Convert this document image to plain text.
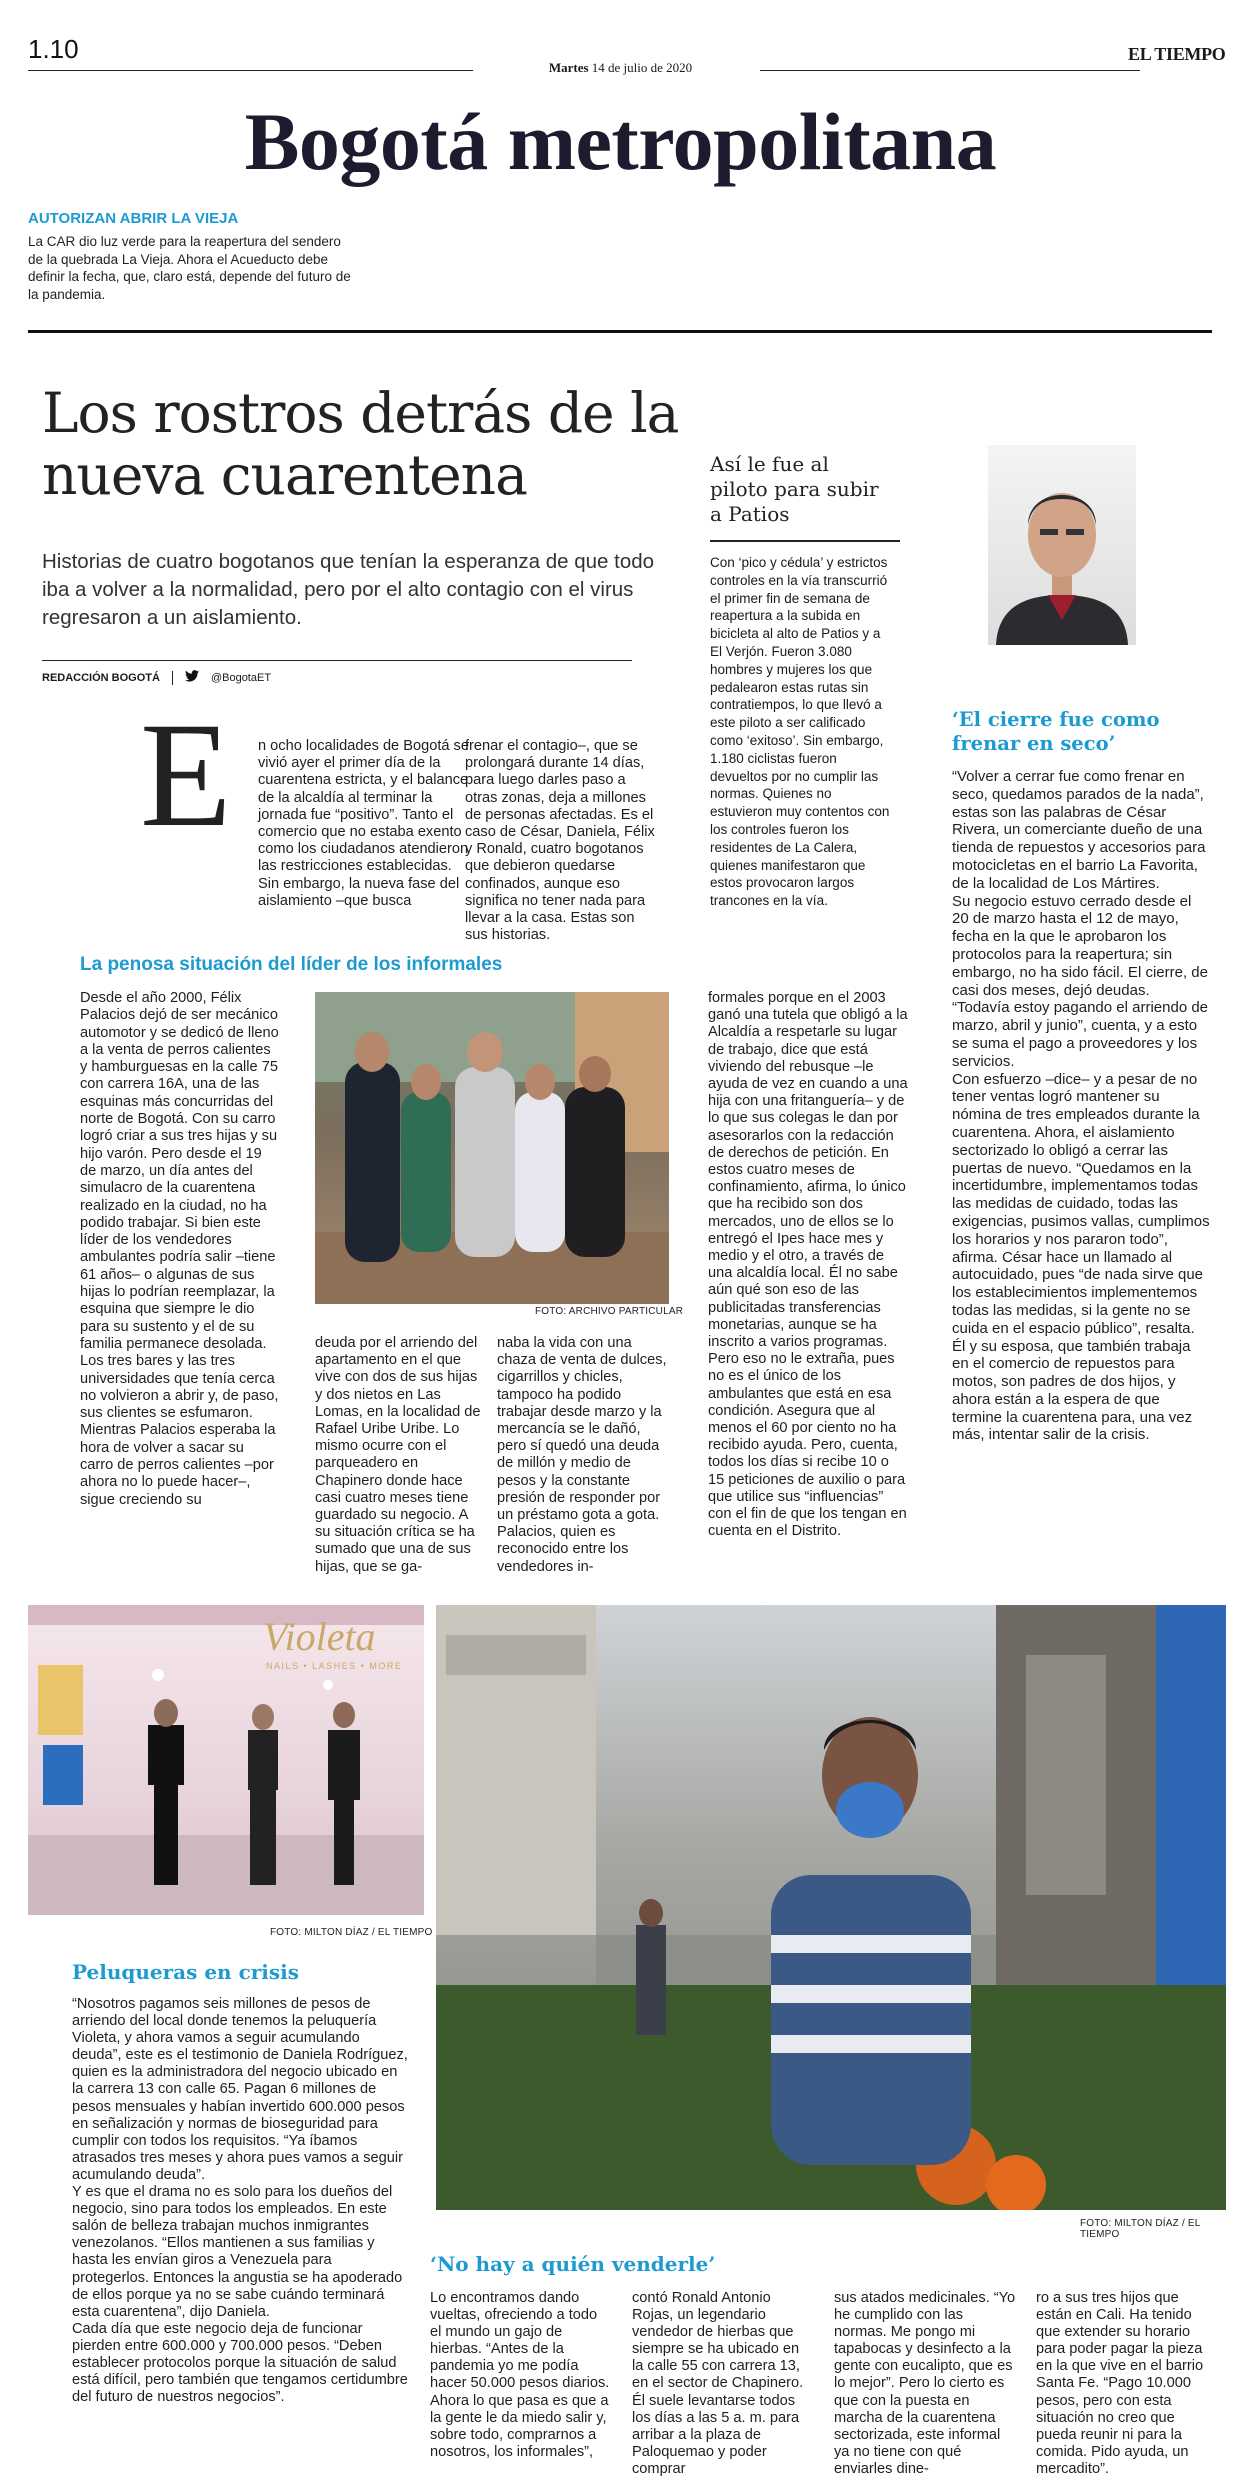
1.10
Martes 14 de julio de 2020
EL TIEMPO
Bogotá metropolitana
AUTORIZAN ABRIR LA VIEJA
La CAR dio luz verde para la reapertura del sendero de la quebrada La Vieja. Ahora el Acueducto debe definir la fecha, que, claro está, depende del futuro de la pandemia.
Los rostros detrás de la nueva cuarentena
Historias de cuatro bogotanos que tenían la esperanza de que todo iba a volver a la normalidad, pero por el alto contagio con el virus regresaron a un aislamiento.
REDACCIÓN BOGOTÁ	@BogotaET
Así le fue al piloto para subir a Patios
Con ‘pico y cédula’ y estrictos controles en la vía transcurrió el primer fin de semana de reapertura a la subida en bicicleta al alto de Patios y a El Verjón. Fueron 3.080 hombres y mujeres los que pedalearon estas rutas sin contratiempos, lo que llevó a este piloto a ser calificado como ‘exitoso’. Sin embargo, 1.180 ciclistas fueron devueltos por no cumplir las normas. Quienes no estuvieron muy contentos con los controles fueron los residentes de La Calera, quienes manifestaron que estos provocaron largos trancones en la vía.
‘El cierre fue como frenar en seco’
“Volver a cerrar fue como frenar en seco, quedamos parados de la nada”, estas son las palabras de César Rivera, un comerciante dueño de una tienda de repuestos y accesorios para motocicletas en el barrio La Favorita, de la localidad de Los Mártires.
Su negocio estuvo cerrado desde el 20 de marzo hasta el 12 de mayo, fecha en la que le aprobaron los protocolos para la reapertura; sin embargo, no ha sido fácil. El cierre, de casi dos meses, dejó deudas. “Todavía estoy pagando el arriendo de marzo, abril y junio”, cuenta, y a esto se suma el pago a proveedores y los servicios.
Con esfuerzo –dice– y a pesar de no tener ventas logró mantener su nómina de tres empleados durante la cuarentena. Ahora, el aislamiento sectorizado lo obligó a cerrar las puertas de nuevo. “Quedamos en la incertidumbre, implementamos todas las medidas de cuidado, todas las exigencias, pusimos vallas, cumplimos los horarios y nos pararon todo”, afirma. César hace un llamado al autocuidado, pues “de nada sirve que los establecimientos implementemos todas las medidas, si la gente no se cuida en el espacio público”, resalta. Él y su esposa, que también trabaja en el comercio de repuestos para motos, son padres de dos hijos, y ahora están a la espera de que termine la cuarentena para, una vez más, intentar salir de la crisis.
E n ocho localidades de Bogotá se vivió ayer el primer día de la cuarentena estricta, y el balance de la alcaldía al terminar la jornada fue “positivo”. Tanto el comercio que no estaba exento como los ciudadanos atendieron las restricciones establecidas.
Sin embargo, la nueva fase del aislamiento –que busca
frenar el contagio–, que se prolongará durante 14 días, para luego darles paso a otras zonas, deja a millones de personas afectadas. Es el caso de César, Daniela, Félix y Ronald, cuatro bogotanos que debieron quedarse confinados, aunque eso significa no tener nada para llevar a la casa. Estas son sus historias.
La penosa situación del líder de los informales
Desde el año 2000, Félix Palacios dejó de ser mecánico automotor y se dedicó de lleno a la venta de perros calientes y hamburguesas en la calle 75 con carrera 16A, una de las esquinas más concurridas del norte de Bogotá. Con su carro logró criar a sus tres hijas y su hijo varón. Pero desde el 19 de marzo, un día antes del simulacro de la cuarentena realizado en la ciudad, no ha podido trabajar. Si bien este líder de los vendedores ambulantes podría salir –tiene 61 años– o algunas de sus hijas lo podrían reemplazar, la esquina que siempre le dio para su sustento y el de su familia permanece desolada. Los tres bares y las tres universidades que tenía cerca no volvieron a abrir y, de paso, sus clientes se esfumaron.
Mientras Palacios esperaba la hora de volver a sacar su carro de perros calientes –por ahora no lo puede hacer–, sigue creciendo su
FOTO: ARCHIVO PARTICULAR
deuda por el arriendo del apartamento en el que vive con dos de sus hijas y dos nietos en Las Lomas, en la localidad de Rafael Uribe Uribe. Lo mismo ocurre con el parqueadero en Chapinero donde hace casi cuatro meses tiene guardado su negocio. A su situación crítica se ha sumado que una de sus hijas, que se ga-
naba la vida con una chaza de venta de dulces, cigarrillos y chicles, tampoco ha podido trabajar desde marzo y la mercancía se le dañó, pero sí quedó una deuda de millón y medio de pesos y la constante presión de responder por un préstamo gota a gota.
Palacios, quien es reconocido entre los vendedores in-
formales porque en el 2003 ganó una tutela que obligó a la Alcaldía a respetarle su lugar de trabajo, dice que está viviendo del rebusque –le ayuda de vez en cuando a una hija con una fritanguería– y de lo que sus colegas le dan por asesorarlos con la redacción de derechos de petición. En estos cuatro meses de confinamiento, afirma, lo único que ha recibido son dos mercados, uno de ellos se lo entregó el Ipes hace mes y medio y el otro, a través de una alcaldía local. Él no sabe aún qué son eso de las publicitadas transferencias monetarias, aunque se ha inscrito a varios programas. Pero eso no le extraña, pues no es el único de los ambulantes que está en esa condición. Asegura que al menos el 60 por ciento no ha recibido ayuda. Pero, cuenta, todos los días si recibe 10 o 15 peticiones de auxilio o para que utilice sus “influencias” con el fin de que los tengan en cuenta en el Distrito.
Violeta
NAILS • LASHES • MORE
FOTO: MILTON DÍAZ / EL TIEMPO
Peluqueras en crisis
“Nosotros pagamos seis millones de pesos de arriendo del local donde tenemos la peluquería Violeta, y ahora vamos a seguir acumulando deuda”, este es el testimonio de Daniela Rodríguez, quien es la administradora del negocio ubicado en la carrera 13 con calle 65. Pagan 6 millones de pesos mensuales y habían invertido 600.000 pesos en señalización y normas de bioseguridad para cumplir con todos los requisitos. “Ya íbamos atrasados tres meses y ahora pues vamos a seguir acumulando deuda”.
Y es que el drama no es solo para los dueños del negocio, sino para todos los empleados. En este salón de belleza trabajan muchos inmigrantes venezolanos. “Ellos mantienen a sus familias y hasta les envían giros a Venezuela para protegerlos. Entonces la angustia se ha apoderado de ellos porque ya no se sabe cuándo terminará esta cuarentena”, dijo Daniela.
Cada día que este negocio deja de funcionar pierden entre 600.000 y 700.000 pesos. “Deben establecer protocolos porque la situación de salud está difícil, pero también que tengamos certidumbre del futuro de nuestros negocios”.
FOTO: MILTON DÍAZ / EL TIEMPO
‘No hay a quién venderle’
Lo encontramos dando vueltas, ofreciendo a todo el mundo un gajo de hierbas. “Antes de la pandemia yo me podía hacer 50.000 pesos diarios. Ahora lo que pasa es que a la gente le da miedo salir y, sobre todo, comprarnos a nosotros, los informales”,
contó Ronald Antonio Rojas, un legendario vendedor de hierbas que siempre se ha ubicado en la calle 55 con carrera 13, en el sector de Chapinero.
Él suele levantarse todos los días a las 5 a. m. para arribar a la plaza de Paloquemao y poder comprar
sus atados medicinales. “Yo he cumplido con las normas. Me pongo mi tapabocas y desinfecto a la gente con eucalipto, que es lo mejor”. Pero lo cierto es que con la puesta en marcha de la cuarentena sectorizada, este informal ya no tiene con qué enviarles dine-
ro a sus tres hijos que están en Cali. Ha tenido que extender su horario para poder pagar la pieza en la que vive en el barrio Santa Fe. “Pago 10.000 pesos, pero con esta situación no creo que pueda reunir ni para la comida. Pido ayuda, un mercadito”.
